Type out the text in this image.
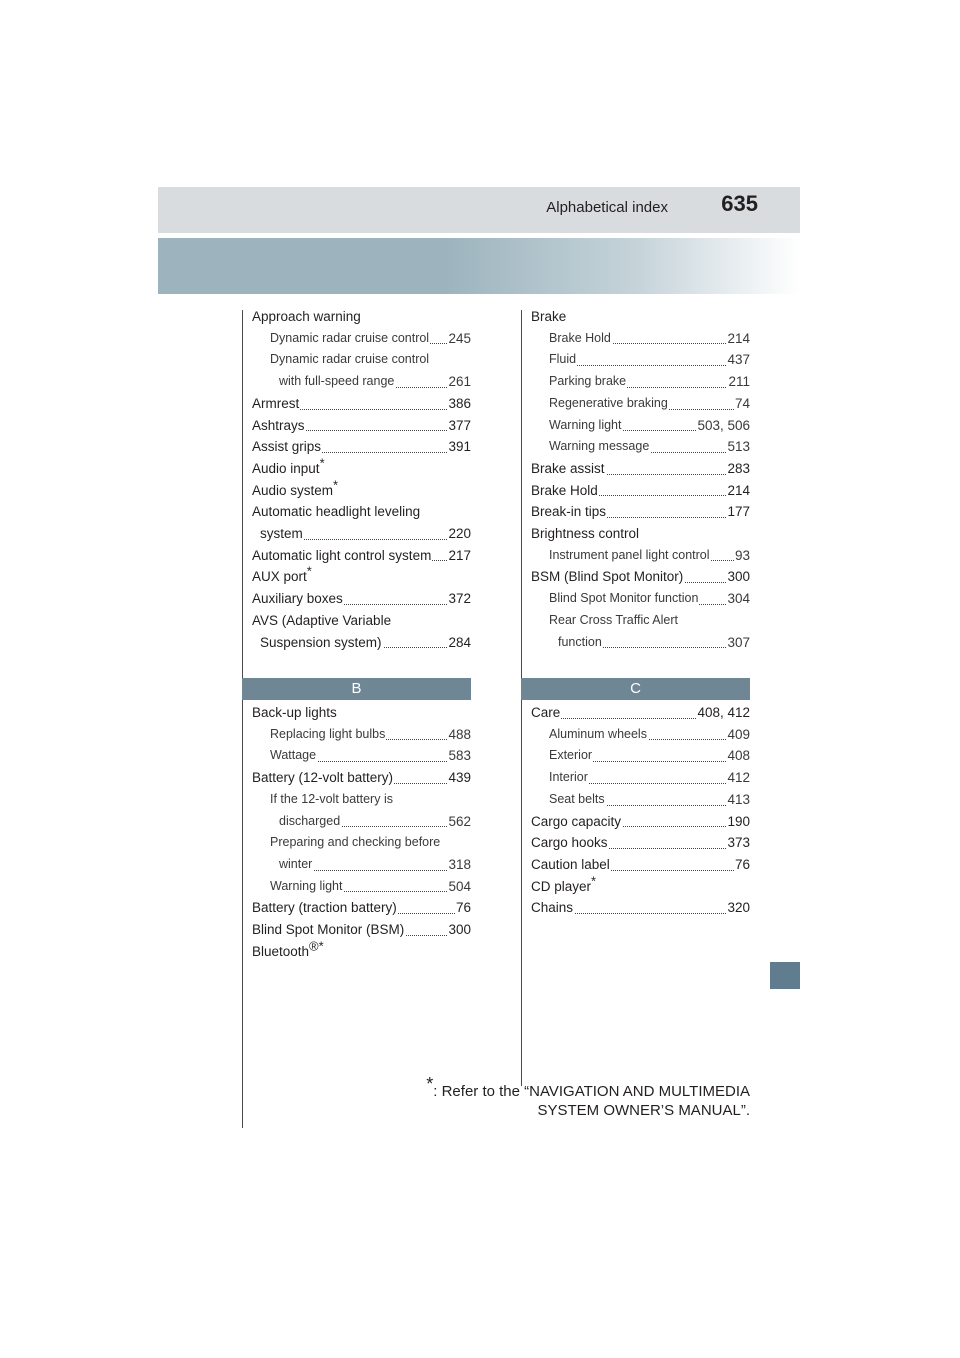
Alphabetical index 635
Approach warning
Dynamic radar cruise control 245
Dynamic radar cruise control
with full-speed range	261
Armrest	386
Ashtrays	377
Assist grips	391
Audio input*
Audio system*
Automatic headlight leveling
system	220
Automatic light control system 217
AUX port*
Auxiliary boxes	372
AVS (Adaptive Variable
Suspension system)	284
B
Back-up lights
Replacing light bulbs	488
Wattage	583
Battery (12-volt battery)	439
If the 12-volt battery is
discharged	562
Preparing and checking before
winter	318
Warning light	504
Battery (traction battery)	76
Blind Spot Monitor (BSM)	300
Bluetooth®*
Brake
Brake Hold	214
Fluid	437
Parking brake	211
Regenerative braking	74
Warning light	503, 506
Warning message	513
Brake assist	283
Brake Hold	214
Break-in tips	177
Brightness control
Instrument panel light control 93
BSM (Blind Spot Monitor)	300
Blind Spot Monitor function 304
Rear Cross Traffic Alert
function	307
C
Care	408, 412
Aluminum wheels	409
Exterior	408
Interior	412
Seat belts	413
Cargo capacity	190
Cargo hooks	373
Caution label	76
CD player*
Chains	320
*: Refer to the “NAVIGATION AND MULTIMEDIA
SYSTEM OWNER’S MANUAL”.
